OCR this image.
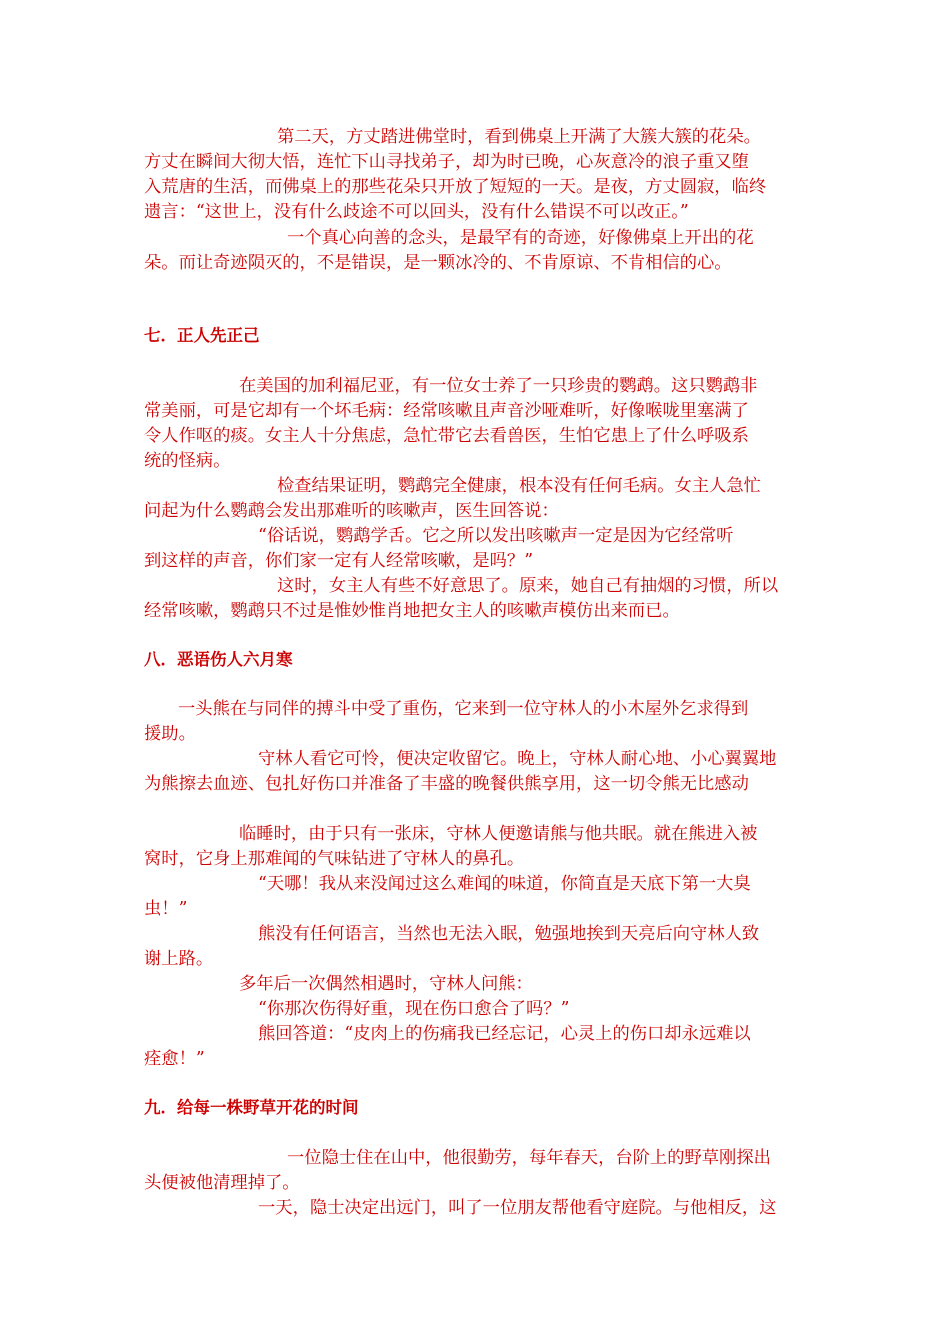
第二天，方丈踏进佛堂时，看到佛桌上开满了大簇大簇的花朵。
方丈在瞬间大彻大悟，连忙下山寻找弟子，却为时已晚，心灰意冷的浪子重又堕
入荒唐的生活，而佛桌上的那些花朵只开放了短短的一天。是夜，方丈圆寂，临终
遗言：“这世上，没有什么歧途不可以回头，没有什么错误不可以改正。”
一个真心向善的念头，是最罕有的奇迹，好像佛桌上开出的花
朵。而让奇迹陨灭的，不是错误，是一颗冰冷的、不肯原谅、不肯相信的心。
七．正人先正己
在美国的加利福尼亚，有一位女士养了一只珍贵的鹦鹉。这只鹦鹉非
常美丽，可是它却有一个坏毛病：经常咳嗽且声音沙哑难听，好像喉咙里塞满了
令人作呕的痰。女主人十分焦虑，急忙带它去看兽医，生怕它患上了什么呼吸系
统的怪病。
检查结果证明，鹦鹉完全健康，根本没有任何毛病。女主人急忙
问起为什么鹦鹉会发出那难听的咳嗽声，医生回答说：
“俗话说，鹦鹉学舌。它之所以发出咳嗽声一定是因为它经常听
到这样的声音，你们家一定有人经常咳嗽，是吗？”
这时，女主人有些不好意思了。原来，她自己有抽烟的习惯，所以
经常咳嗽，鹦鹉只不过是惟妙惟肖地把女主人的咳嗽声模仿出来而已。
八．恶语伤人六月寒
一头熊在与同伴的搏斗中受了重伤，它来到一位守林人的小木屋外乞求得到
援助。
守林人看它可怜，便决定收留它。晚上，守林人耐心地、小心翼翼地
为熊擦去血迹、包扎好伤口并准备了丰盛的晚餐供熊享用，这一切令熊无比感动
临睡时，由于只有一张床，守林人便邀请熊与他共眠。就在熊进入被
窝时，它身上那难闻的气味钻进了守林人的鼻孔。
“天哪！我从来没闻过这么难闻的味道，你简直是天底下第一大臭
虫！”
熊没有任何语言，当然也无法入眠，勉强地挨到天亮后向守林人致
谢上路。
多年后一次偶然相遇时，守林人问熊：
“你那次伤得好重，现在伤口愈合了吗？”
熊回答道：“皮肉上的伤痛我已经忘记，心灵上的伤口却永远难以
痊愈！”
九．给每一株野草开花的时间
一位隐士住在山中，他很勤劳，每年春天，台阶上的野草刚探出
头便被他清理掉了。
一天，隐士决定出远门，叫了一位朋友帮他看守庭院。与他相反，这
